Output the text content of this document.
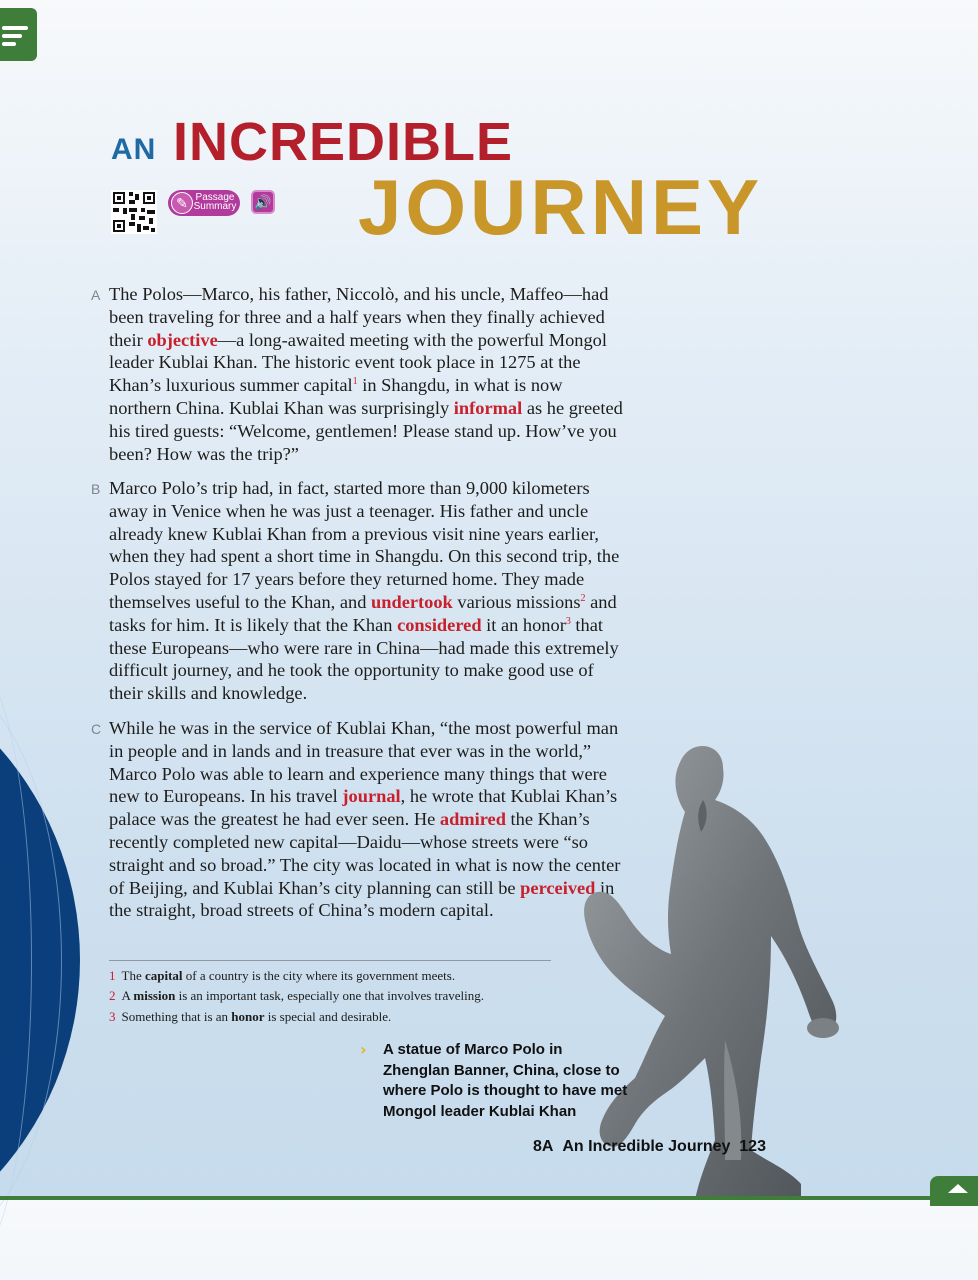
AN INCREDIBLE
JOURNEY
✎ Passage Summary 🔊
A The Polos—Marco, his father, Niccolò, and his uncle, Maffeo—had been traveling for three and a half years when they finally achieved their objective—a long-awaited meeting with the powerful Mongol leader Kublai Khan. The historic event took place in 1275 at the Khan’s luxurious summer capital$^1$ in Shangdu, in what is now northern China. Kublai Khan was surprisingly informal as he greeted his tired guests: “Welcome, gentlemen! Please stand up. How’ve you been? How was the trip?”
B Marco Polo’s trip had, in fact, started more than 9,000 kilometers away in Venice when he was just a teenager. His father and uncle already knew Kublai Khan from a previous visit nine years earlier, when they had spent a short time in Shangdu. On this second trip, the Polos stayed for 17 years before they returned home. They made themselves useful to the Khan, and undertook various missions$^2$ and tasks for him. It is likely that the Khan considered it an honor$^3$ that these Europeans—who were rare in China—had made this extremely difficult journey, and he took the opportunity to make good use of their skills and knowledge.
C While he was in the service of Kublai Khan, “the most powerful man in people and in lands and in treasure that ever was in the world,” Marco Polo was able to learn and experience many things that were new to Europeans. In his travel journal, he wrote that Kublai Khan’s palace was the greatest he had ever seen. He admired the Khan’s recently completed new capital—Daidu—whose streets were “so straight and so broad.” The city was located in what is now the center of Beijing, and Kublai Khan’s city planning can still be perceived in the straight, broad streets of China’s modern capital.
1 The capital of a country is the city where its government meets.
2 A mission is an important task, especially one that involves traveling.
3 Something that is an honor is special and desirable.
› A statue of Marco Polo in Zhenglan Banner, China, close to where Polo is thought to have met Mongol leader Kublai Khan
8A An Incredible Journey 123
